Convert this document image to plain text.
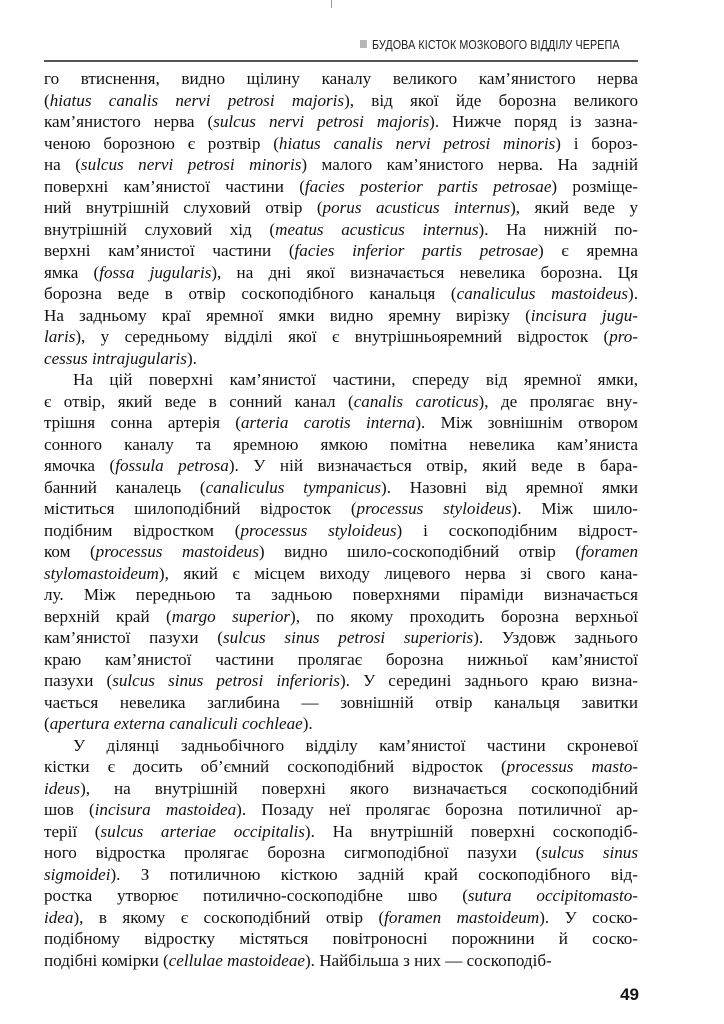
БУДОВА КІСТОК МОЗКОВОГО ВІДДІЛУ ЧЕРЕПА

го втиснення, видно щілину каналу великого кам’янистого нерва
(hiatus canalis nervi petrosi majoris), від якої йде борозна великого
кам’янистого нерва (sulcus nervi petrosi majoris). Нижче поряд із зазна-
ченою борозною є розтвір (hiatus canalis nervi petrosi minoris) і бороз-
на (sulcus nervi petrosi minoris) малого кам’янистого нерва. На задній
поверхні кам’янистої частини (facies posterior partis petrosae) розміще-
ний внутрішній слуховий отвір (porus acusticus internus), який веде у
внутрішній слуховий хід (meatus acusticus internus). На нижній по-
верхні кам’янистої частини (facies inferior partis petrosae) є яремна
ямка (fossa jugularis), на дні якої визначається невелика борозна. Ця
борозна веде в отвір соскоподібного канальця (canaliculus mastoideus).
На задньому краї яремної ямки видно яремну вирізку (incisura jugu-
laris), у середньому відділі якої є внутрішньояремний відросток (pro-
cessus intrajugularis).

На цій поверхні кам’янистої частини, спереду від яремної ямки,
є отвір, який веде в сонний канал (canalis caroticus), де пролягає вну-
трішня сонна артерія (arteria carotis interna). Між зовнішнім отвором
сонного каналу та яремною ямкою помітна невелика кам’яниста
ямочка (fossula petrosa). У ній визначається отвір, який веде в бара-
банний каналець (canaliculus tympanicus). Назовні від яремної ямки
міститься шилоподібний відросток (processus styloideus). Між шило-
подібним відростком (processus styloideus) і соскоподібним відрост-
ком (processus mastoideus) видно шило-соскоподібний отвір (foramen
stylomastoideum), який є місцем виходу лицевого нерва зі свого кана-
лу. Між передньою та задньою поверхнями піраміди визначається
верхній край (margo superior), по якому проходить борозна верхньої
кам’янистої пазухи (sulcus sinus petrosi superioris). Уздовж заднього
краю кам’янистої частини пролягає борозна нижньої кам’янистої
пазухи (sulcus sinus petrosi inferioris). У середині заднього краю визна-
чається невелика заглибина — зовнішній отвір канальця завитки
(apertura externa canaliculi cochleae).

У ділянці задньобічного відділу кам’янистої частини скроневої
кістки є досить об’ємний соскоподібний відросток (processus masto-
ideus), на внутрішній поверхні якого визначається соскоподібний
шов (incisura mastoidea). Позаду неї пролягає борозна потиличної ар-
терії (sulcus arteriae occipitalis). На внутрішній поверхні соскоподіб-
ного відростка пролягає борозна сигмоподібної пазухи (sulcus sinus
sigmoidei). З потиличною кісткою задній край соскоподібного від-
ростка утворює потилично-соскоподібне шво (sutura occipitomasto-
idea), в якому є соскоподібний отвір (foramen mastoideum). У соско-
подібному відростку містяться повітроносні порожнини й соско-
подібні комірки (cellulae mastoideae). Найбільша з них — соскоподіб-

49
